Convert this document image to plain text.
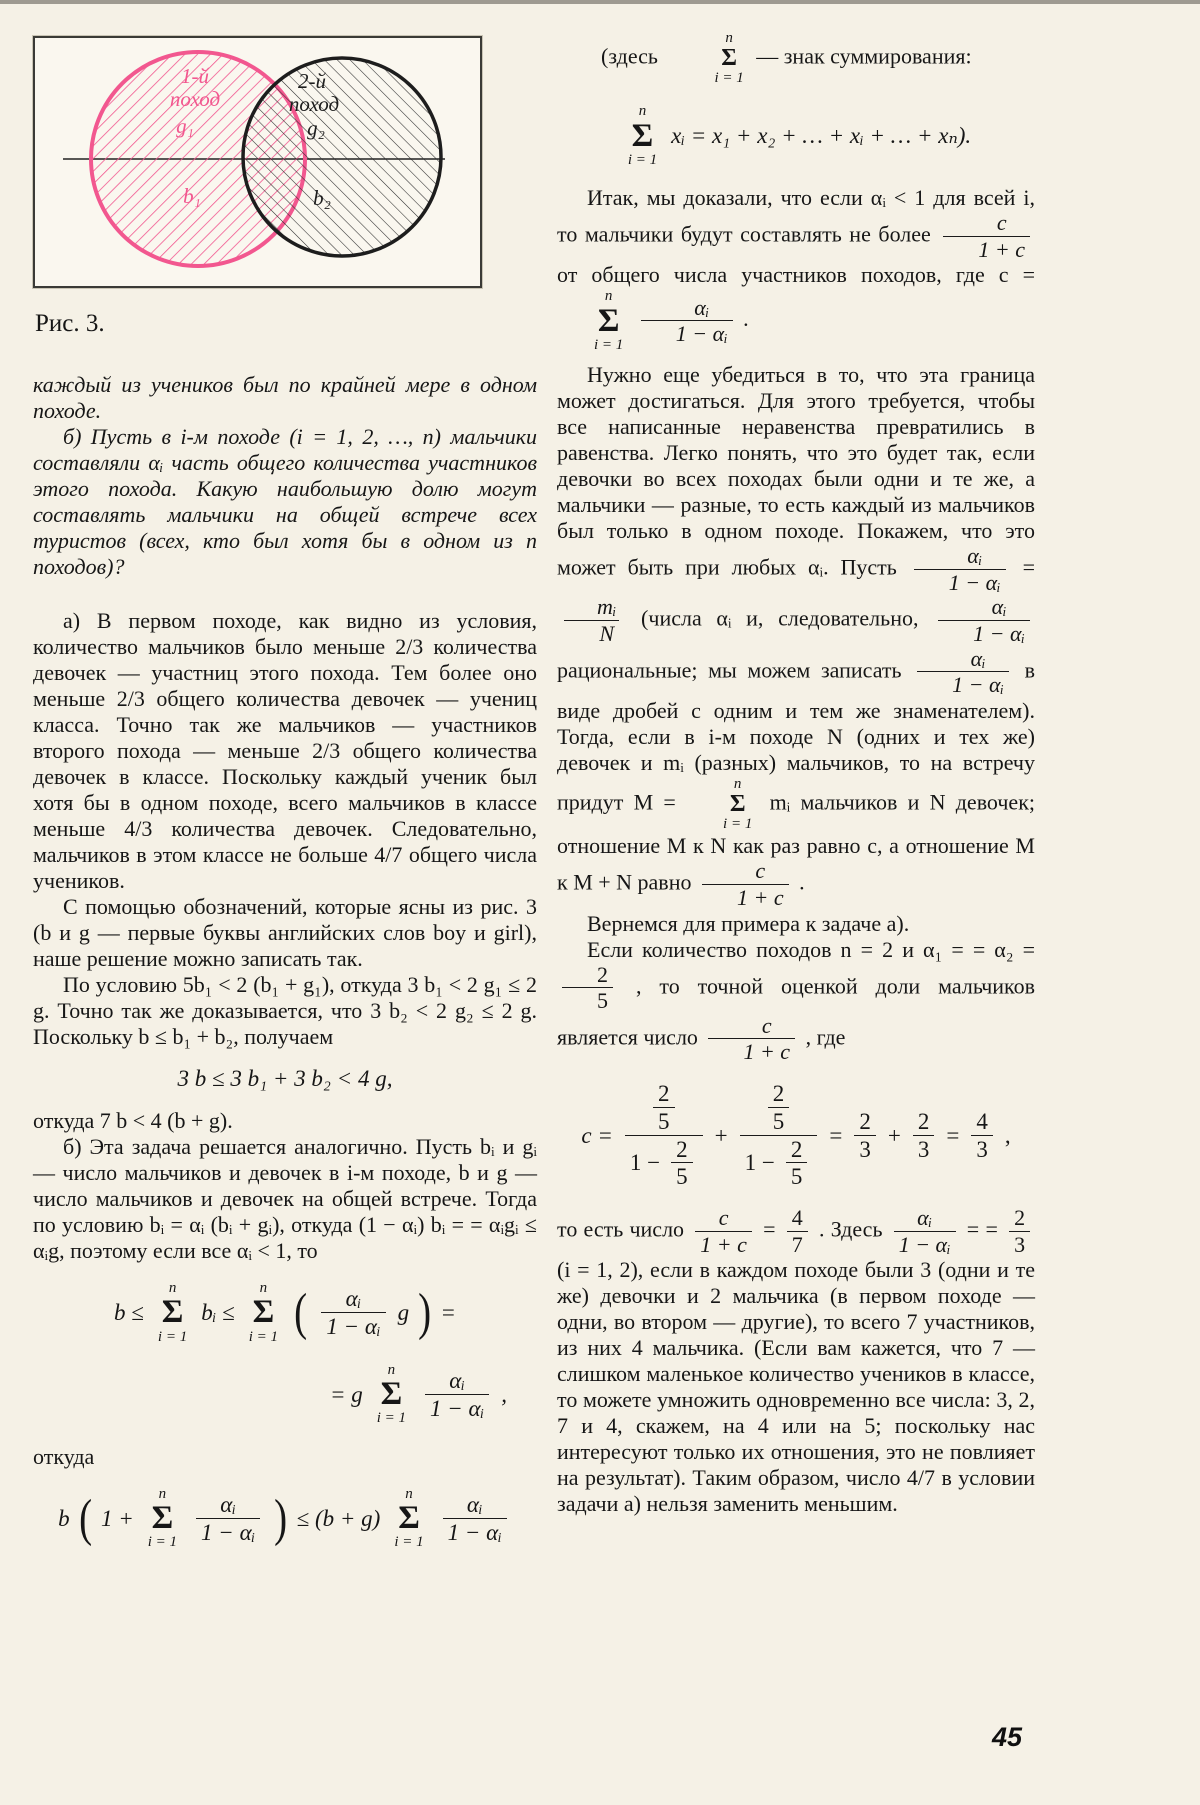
1-й
поход
g₁
b₁
2-й
поход
g₂
b₂
Рис. 3.

каждый из учеников был по крайней мере в одном походе.

б) Пусть в i-м походе (i = 1, 2, …, n) мальчики составляли αᵢ часть общего количества участников этого похода. Какую наибольшую долю могут составлять мальчики на общей встрече всех туристов (всех, кто был хотя бы в одном из n походов)?

а) В первом походе, как видно из условия, количество мальчиков было меньше 2/3 количества девочек — участниц этого похода. Тем более оно меньше 2/3 общего количества девочек — учениц класса. Точно так же мальчиков — участников второго похода — меньше 2/3 общего количества девочек в классе. Поскольку каждый ученик был хотя бы в одном походе, всего мальчиков в классе меньше 4/3 количества девочек. Следовательно, мальчиков в этом классе не больше 4/7 общего числа учеников.

С помощью обозначений, которые ясны из рис. 3 (b и g — первые буквы английских слов boy и girl), наше решение можно записать так.

По условию 5b₁ < 2 (b₁ + g₁), откуда 3 b₁ < 2 g₁ ≤ 2 g. Точно так же доказывается, что 3 b₂ < 2 g₂ ≤ 2 g. Поскольку b ≤ b₁ + b₂, получаем

3 b ≤ 3 b₁ + 3 b₂ < 4 g,

откуда 7 b < 4 (b + g).

б) Эта задача решается аналогично. Пусть bᵢ и gᵢ — число мальчиков и девочек в i-м походе, b и g — число мальчиков и девочек на общей встрече. Тогда по условию bᵢ = αᵢ (bᵢ + gᵢ), откуда (1 − αᵢ) bᵢ = = αᵢgᵢ ≤ αᵢg, поэтому если все αᵢ < 1, то

b ≤
n
Σ
i = 1
bᵢ ≤
n
Σ
i = 1 ( $\frac{\text{αᵢ}}{\text{1 − αᵢ}}$ g ) =
= g
n
Σ
$i = 1 \frac{\text{αᵢ}}{\text{1 − αᵢ}}$ ,

откуда

b ( 1 +
n
Σ
$i = 1 \frac{\text{αᵢ}}{\text{1 − αᵢ}}$ ) ≤ (b + g)
n
Σ
$i = 1 \frac{\text{αᵢ}}{\text{1 − αᵢ}}$

(здесь
n
Σ
i = 1
— знак суммирования:

n
Σ
i = 1
xᵢ = x₁ + x₂ + … + xᵢ + … + xₙ).

Итак, мы доказали, что если αᵢ < 1 для всей i, то мальчики будут составлять не более $\frac{c}{1 + c}$
от общего числа участников походов, где c =
n
Σ
i = 1
$\frac{\text{αᵢ}}{\text{1 − αᵢ}}$ .

Нужно еще убедиться в то, что эта граница может достигаться. Для этого требуется, чтобы все написанные неравенства превратились в равенства. Легко понять, что это будет так, если девочки во всех походах были одни и те же, а мальчики — разные, то есть каждый из мальчиков был только в одном походе. Покажем, что это может быть при любых αᵢ. Пусть $\frac{\text{αᵢ}}{\text{1 − αᵢ}}$ =
$\frac{\text{mᵢ}}{N}$ (числа αᵢ и, следовательно, $\frac{\text{αᵢ}}{\text{1 − αᵢ}}$
рациональные; мы можем записать $\frac{\text{αᵢ}}{\text{1 − αᵢ}}$ в виде дробей с одним и тем же знаменателем). Тогда, если в i-м походе N (одних и тех же) девочек и mᵢ (разных) мальчиков, то на встречу придут M =
n
Σ
i = 1
mᵢ мальчиков и N девочек; отношение M к N как раз равно c, а отношение M к M + N равно $\frac{c}{1 + c}$ .

Вернемся для примера к задаче а).

Если количество походов n = 2 и α₁ = = α₂ =
$\frac{2}{5}$ , то точной оценкой доли мальчиков является число $\frac{c}{1 + c}$ , где

$c = \frac{\frac{2}{5}}{1 - \frac{2}{5}} + \frac{\frac{2}{5}}{1 - \frac{2}{5}} = \frac{2}{3} + \frac{2}{3} = \frac{4}{3}$ ,

то есть число $\frac{c}{1 + c} = \frac{4}{7}$ . Здесь $\frac{\text{αᵢ}}{\text{1 − αᵢ}}$ = = $\frac{2}{3}$
(i = 1, 2), если в каждом походе были 3 (одни и те же) девочки и 2 мальчика (в первом походе — одни, во втором — другие), то всего 7 участников, из них 4 мальчика. (Если вам кажется, что 7 — слишком маленькое количество учеников в классе, то можете умножить одновременно все числа: 3, 2, 7 и 4, скажем, на 4 или на 5; поскольку нас интересуют только их отношения, это не повлияет на результат). Таким образом, число 4/7 в условии задачи а) нельзя заменить меньшим.

45
